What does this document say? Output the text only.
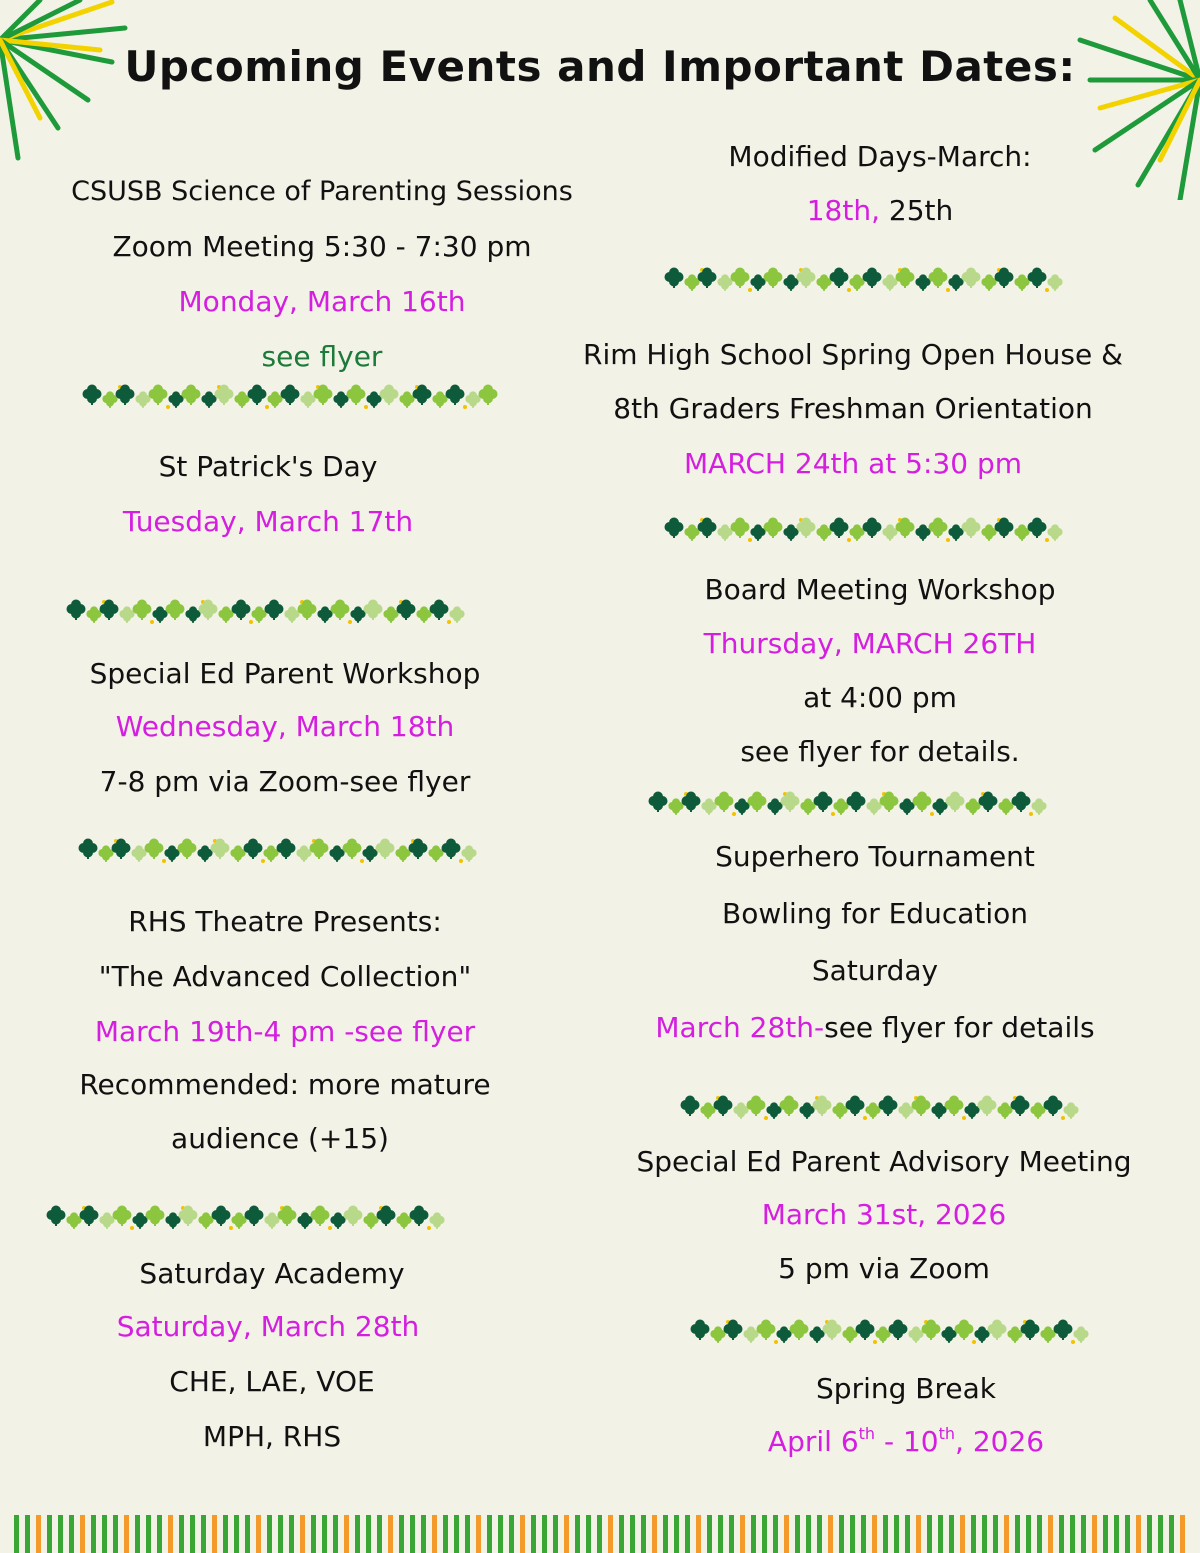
Upcoming Events and Important Dates:
CSUSB Science of Parenting Sessions
Zoom Meeting 5:30 - 7:30 pm
Monday, March 16th
see flyer
St Patrick's Day
Tuesday, March 17th
Special Ed Parent Workshop
Wednesday, March 18th
7-8 pm via Zoom-see flyer
RHS Theatre Presents:
"The Advanced Collection"
March 19th-4 pm -see flyer
Recommended: more mature
audience (+15)
Saturday Academy
Saturday, March 28th
CHE, LAE, VOE
MPH, RHS
Modified Days-March:
18th, 25th
Rim High School Spring Open House &
8th Graders Freshman Orientation
MARCH 24th at 5:30 pm
Board Meeting Workshop
Thursday, MARCH 26TH
at 4:00 pm
see flyer for details.
Superhero Tournament
Bowling for Education
Saturday
March 28th-see flyer for details
Special Ed Parent Advisory Meeting
March 31st, 2026
5 pm via Zoom
Spring Break
April 6th - 10th, 2026
